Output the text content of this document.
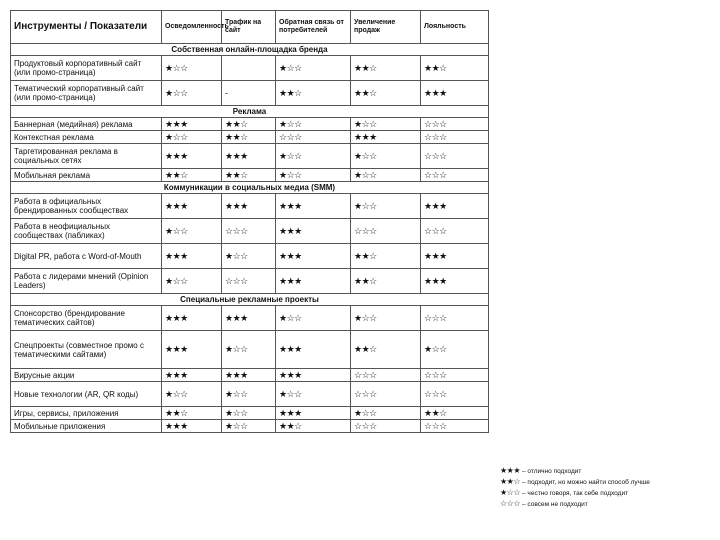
Инструменты / Показатели	Осведомленность	Трафик на сайт	Обратная связь от потребителей	Увеличение продаж	Лояльность
Собственная онлайн-площадка бренда					
Продуктовый корпоративный сайт (или промо-страница)	★☆☆		★☆☆	★★☆	★★☆
Тематический корпоративный сайт (или промо-страница)	★☆☆	-	★★☆	★★☆	★★★
Реклама					
Баннерная (медийная) реклама	★★★	★★☆	★☆☆	★☆☆	☆☆☆
Контекстная реклама	★☆☆	★★☆	☆☆☆	★★★	☆☆☆
Таргетированная реклама в социальных сетях	★★★	★★★	★☆☆	★☆☆	☆☆☆
Мобильная реклама	★★☆	★★☆	★☆☆	★☆☆	☆☆☆
Коммуникации в социальных медиа (SMM)					
Работа в официальных брендированных сообществах	★★★	★★★	★★★	★☆☆	★★★
Работа в неофициальных сообществах (пабликах)	★☆☆	☆☆☆	★★★	☆☆☆	☆☆☆
Digital PR, работа с Word-of-Mouth	★★★	★☆☆	★★★	★★☆	★★★
Работа с лидерами мнений (Opinion Leaders)	★☆☆	☆☆☆	★★★	★★☆	★★★
Специальные рекламные проекты					
Спонсорство (брендирование тематических сайтов)	★★★	★★★	★☆☆	★☆☆	☆☆☆
Спецпроекты (совместное промо с тематическими сайтами)	★★★	★☆☆	★★★	★★☆	★☆☆
Вирусные акции	★★★	★★★	★★★	☆☆☆	☆☆☆
Новые технологии (AR, QR коды)	★☆☆	★☆☆	★☆☆	☆☆☆	☆☆☆
Игры, сервисы, приложения	★★☆	★☆☆	★★★	★☆☆	★★☆
Мобильные приложения	★★★	★☆☆	★★☆	☆☆☆	☆☆☆
★★★ – отлично подходит
★★☆ – подходит, но можно найти способ лучше
★☆☆ – честно говоря, так себе подходит
☆☆☆ – совсем не подходит
